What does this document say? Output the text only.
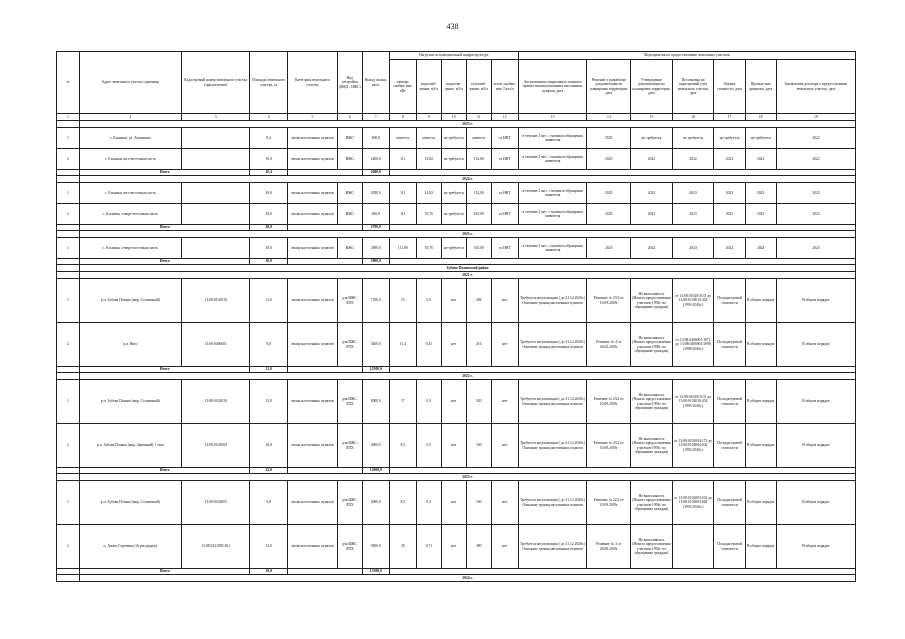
438
№	Адрес земельного участка, ориентир	Кадастровый номер земельного участка (при наличии)	Площадь земельного участка, га	Категория земельного участка	Вид застройки (МКД / ИЖС)	Выход жилья, кв.м.	Нагрузки по коммунальной инфраструктуре					Мероприятия по предоставлению земельных участков						
							электро-снабже-ние, кВт	водоснаб-жение, м3/ч	водоотве-дение, м3/ч	газоснаб-жение, м3/ч	тепло-снабже-ние, Гкал/ч	Актуализация генеральных планов и правил землепользования населенных пунктов, дата	Решение о разработке документации по планировке территории, дата	Утверждение документации по планировке территории, дата	Постановка на кадастровый учет земельного участка, дата	Оценка стоимости, дата	Проведе-ние аукциона, дата	Заключение договора о предоставлении земельного участка, дата
1	2	3	4	5	6	7	8	9	10	11	12	13	14	15	16	17	18	19
	2023 г.																	
1	с. Ельники, ул. Аношкина		0,4	земли населенных пунктов	ИЖС	400,0	имеется	имеется	не требуется	имеется	от ИНТ	в течение 2 мес. с момента обращения заявителя	2025	не требуется	не требуется	не требуется	не требуется	2022
2	с. Ельники, юго-восточная часть		10,0	земли населенных пунктов	ИЖС	2200,0	111	14,82	не требуется	132,00	от ИНТ	в течение 2 мес. с момента обращения заявителя	2025	2022	2022	2022	2022	2022
	Итого		10,4			2600,0												
	2024 г.																	
1	с. Ельники, юго-восточная часть		10,0	земли населенных пунктов	ИЖС	2050,0	111	14,82	не требуется	132,00	от ИНТ	в течение 2 мес. с момента обращения заявителя	2025	2023	2023	2023	2023	2023
2	с. Ельники, северо-восточная часть		10,0	земли населенных пунктов	ИЖС	650,0	111	19,76	не требуется	165,00	от ИНТ	в течение 2 мес. с момента обращения заявителя	2025	2023	2023	2023	2023	2023
	Итого		20,0			2700,0												
	2025 г.																	
1	с. Ельники, северо-восточная часть		10,0	земли населенных пунктов	ИЖС	2900,0	111,00	19,76	не требуется	165,00	от ИНТ	в течение 2 мес. с момента обращения заявителя	2025	2024	2024	2024	2024	2024
	Итого		10,0			2900,0												
	Зубово-Полянский район																	
	2021 г.																	
1	р.п. Зубова Поляна (мкр. Солнечный)	13:08:0102010	12,0	земли населенных пунктов	для ИЖС, ЛПХ	7100,0	15	0,5	нет	284	нет	Требуется актуализация ( до 31.12.2020г.) Описание границ населенных пунктов	Решение № 23/2 от 10.09.2018г	Не выполнялось (Начало предоставления участков-1993г. по обращению граждан)	от 13:08:0102010:31 до 13:08:0102010:454 (1993-2020г.)	По кадастровой стоимости	В общем порядке	В общем порядке
2	р.п. Явас	13:08:0406001	9,0	земли населенных пунктов	для ИЖС, ЛПХ	5400,0	11,4	0,41	нет	216	нет	Требуется актуализация ( до 31.12.2020г.) Описание границ населенных пунктов	Решение № 4 от 26.04.2018г	Не выполнялось (Начало предоставления участков-1998г. по обращению граждан)	от 13:08:0406001:1071 до 13:08:0406001:5896 (1998-2020г.)	По кадастровой стоимости	В общем порядке	В общем порядке
	Итого		21,0			12500,0												
	2022 г.																	
1	р.п. Зубова Поляна (мкр. Солнечный)	13:08:0102010	12,0	земли населенных пунктов	для ИЖС, ЛПХ	8000,0	17	0,3	нет	320	нет	Требуется актуализация ( до 31.12.2020г.) Описание границ населенных пунктов	Решение № 23/2 от 10.09.2018г	Не выполнялось (Начало предоставления участков-1993г. по обращению граждан)	от 13:08:0102010:31 до 13:08:0102010:454 (1993-2020г.)	По кадастровой стоимости	В общем порядке	В общем порядке
2	р.п. Зубова Поляна (мкр. Заречный) 1 этап	13:08:0102004	10,0	земли населенных пунктов	для ИЖС, ЛПХ	4000,0	8,5	0,5	нет	160	нет	Требуется актуализация ( до 31.12.2020г.) Описание границ населенных пунктов	Решение № 23/2 от 10.09.2018г	Не выполнялось (Начало предоставления участков-1993г. по обращению граждан)	от 13:08:0102004:173 до 13:08:0102004:642 (1993-2020г.)	По кадастровой стоимости	В общем порядке	В общем порядке
	Итого		22,0			12000,0												
	2023 г.																	
1	р.п. Зубова Поляна (мкр. Солнечный)	13:08:0102003	5,0	земли населенных пунктов	для ИЖС, ЛПХ	4000,0	8,5	0,3	нет	160	нет	Требуется актуализация ( до 31.12.2020г.) Описание границ населенных пунктов	Решение № 22/2 от 10.09.2018г	Не выполнялось (Начало предоставления участков-1993г. по обращению граждан)	от 13:08:0102003:102 до 13:08:0102003:682 (1993-2020г.)	По кадастровой стоимости	В общем порядке	В общем порядке
2	п. Анаш-Сергеевка (Агрогородок)	13:08:0121005:361	14,0	земли населенных пунктов	для ИЖС, ЛПХ	9500,0	20	0,71	нет	380	нет	Требуется актуализация ( до 31.12.2020г.) Описание границ населенных пунктов	Решение № 3 от 28.08.2018г	Не выполнялось (Начало предоставления участков-1993г. по обращению граждан)		По кадастровой стоимости	В общем порядке	В общем порядке
	Итого		19,0			13500,0												
	2024 г.																	
